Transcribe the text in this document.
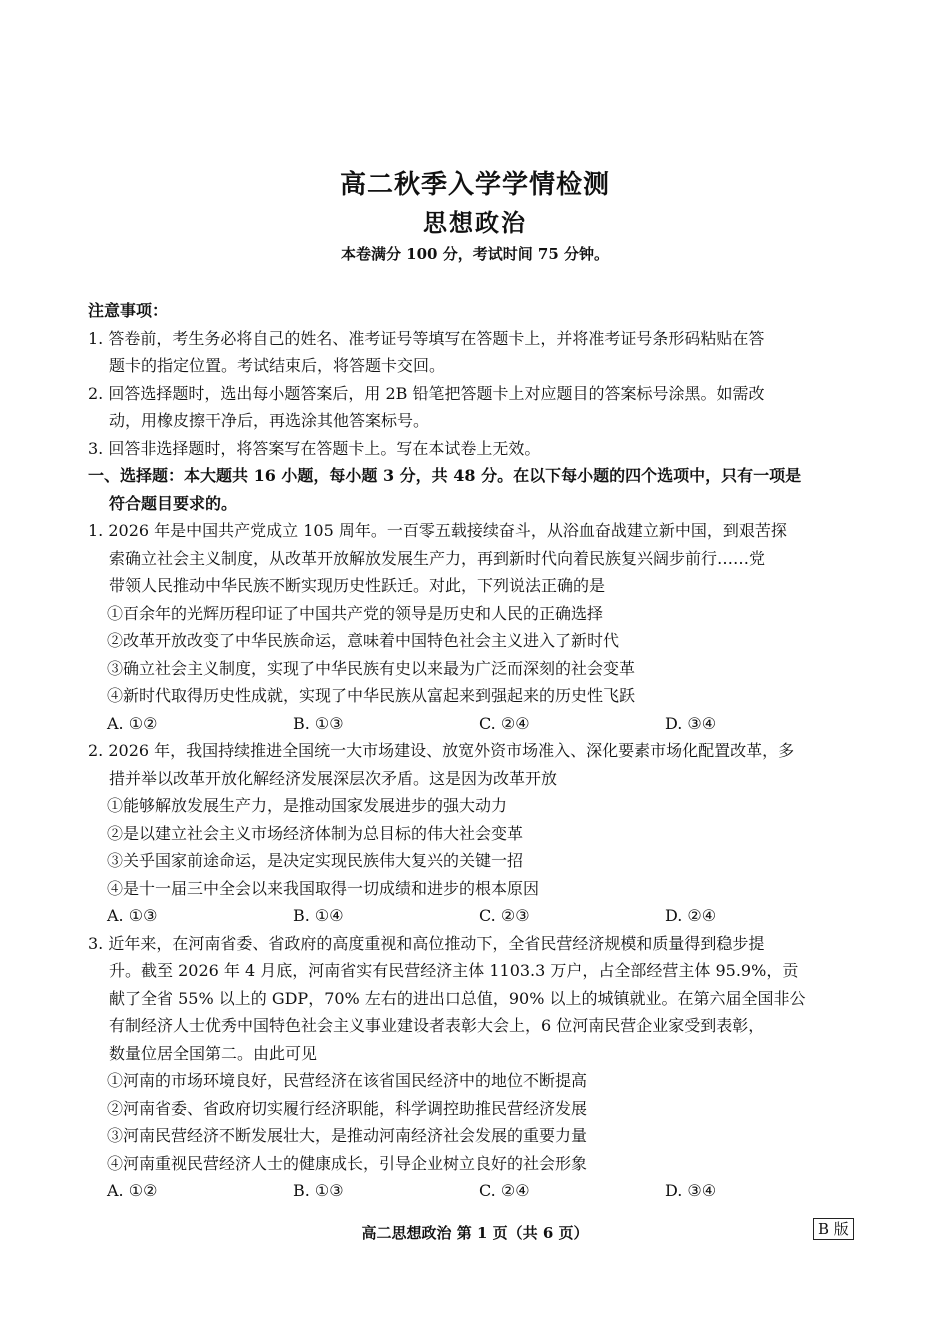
高二秋季入学学情检测
思想政治
本卷满分 100 分，考试时间 75 分钟。
注意事项：
1. 答卷前，考生务必将自己的姓名、准考证号等填写在答题卡上，并将准考证号条形码粘贴在答
题卡的指定位置。考试结束后，将答题卡交回。
2. 回答选择题时，选出每小题答案后，用 2B 铅笔把答题卡上对应题目的答案标号涂黑。如需改
动，用橡皮擦干净后，再选涂其他答案标号。
3. 回答非选择题时，将答案写在答题卡上。写在本试卷上无效。
一、选择题：本大题共 16 小题，每小题 3 分，共 48 分。在以下每小题的四个选项中，只有一项是
符合题目要求的。
1. 2026 年是中国共产党成立 105 周年。一百零五载接续奋斗，从浴血奋战建立新中国，到艰苦探
索确立社会主义制度，从改革开放解放发展生产力，再到新时代向着民族复兴阔步前行……党
带领人民推动中华民族不断实现历史性跃迁。对此，下列说法正确的是
①百余年的光辉历程印证了中国共产党的领导是历史和人民的正确选择
②改革开放改变了中华民族命运，意味着中国特色社会主义进入了新时代
③确立社会主义制度，实现了中华民族有史以来最为广泛而深刻的社会变革
④新时代取得历史性成就，实现了中华民族从富起来到强起来的历史性飞跃
A. ①②	B. ①③	C. ②④	D. ③④
2. 2026 年，我国持续推进全国统一大市场建设、放宽外资市场准入、深化要素市场化配置改革，多
措并举以改革开放化解经济发展深层次矛盾。这是因为改革开放
①能够解放发展生产力，是推动国家发展进步的强大动力
②是以建立社会主义市场经济体制为总目标的伟大社会变革
③关乎国家前途命运，是决定实现民族伟大复兴的关键一招
④是十一届三中全会以来我国取得一切成绩和进步的根本原因
A. ①③	B. ①④	C. ②③	D. ②④
3. 近年来，在河南省委、省政府的高度重视和高位推动下，全省民营经济规模和质量得到稳步提
升。截至 2026 年 4 月底，河南省实有民营经济主体 1103.3 万户，占全部经营主体 95.9%，贡
献了全省 55% 以上的 GDP，70% 左右的进出口总值，90% 以上的城镇就业。在第六届全国非公
有制经济人士优秀中国特色社会主义事业建设者表彰大会上，6 位河南民营企业家受到表彰，
数量位居全国第二。由此可见
①河南的市场环境良好，民营经济在该省国民经济中的地位不断提高
②河南省委、省政府切实履行经济职能，科学调控助推民营经济发展
③河南民营经济不断发展壮大，是推动河南经济社会发展的重要力量
④河南重视民营经济人士的健康成长，引导企业树立良好的社会形象
A. ①②	B. ①③	C. ②④	D. ③④
高二思想政治 第 1 页（共 6 页）	B 版
